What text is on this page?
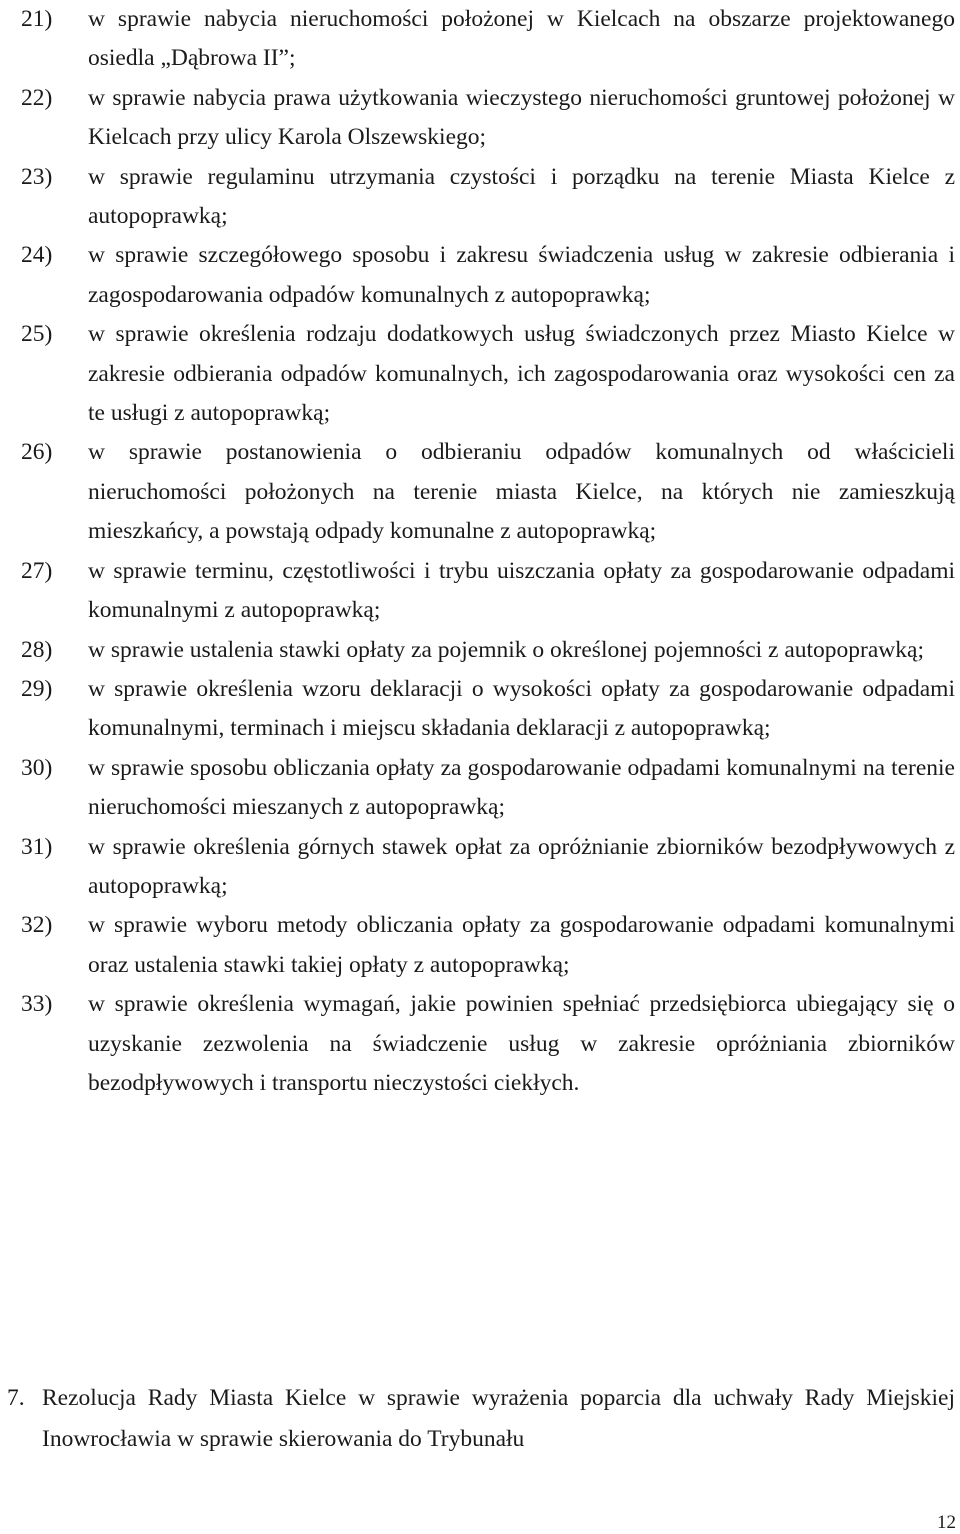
21) w sprawie nabycia nieruchomości położonej w Kielcach na obszarze projektowanego osiedla „Dąbrowa II”;
22) w sprawie nabycia prawa użytkowania wieczystego nieruchomości gruntowej położonej w Kielcach przy ulicy Karola Olszewskiego;
23) w sprawie regulaminu utrzymania czystości i porządku na terenie Miasta Kielce z autopoprawką;
24) w sprawie szczegółowego sposobu i zakresu świadczenia usług w zakresie odbierania i zagospodarowania odpadów komunalnych z autopoprawką;
25) w sprawie określenia rodzaju dodatkowych usług świadczonych przez Miasto Kielce w zakresie odbierania odpadów komunalnych, ich zagospodarowania oraz wysokości cen za te usługi z autopoprawką;
26) w sprawie postanowienia o odbieraniu odpadów komunalnych od właścicieli nieruchomości położonych na terenie miasta Kielce, na których nie zamieszkują mieszkańcy, a powstają odpady komunalne z autopoprawką;
27) w sprawie terminu, częstotliwości i trybu uiszczania opłaty za gospodarowanie odpadami komunalnymi z autopoprawką;
28) w sprawie ustalenia stawki opłaty za pojemnik o określonej pojemności z autopoprawką;
29) w sprawie określenia wzoru deklaracji o wysokości opłaty za gospodarowanie odpadami komunalnymi, terminach i miejscu składania deklaracji z autopoprawką;
30) w sprawie sposobu obliczania opłaty za gospodarowanie odpadami komunalnymi na terenie nieruchomości mieszanych z autopoprawką;
31) w sprawie określenia górnych stawek opłat za opróżnianie zbiorników bezodpływowych z autopoprawką;
32) w sprawie wyboru metody obliczania opłaty za gospodarowanie odpadami komunalnymi oraz ustalenia stawki takiej opłaty z autopoprawką;
33) w sprawie określenia wymagań, jakie powinien spełniać przedsiębiorca ubiegający się o uzyskanie zezwolenia na świadczenie usług w zakresie opróżniania zbiorników bezodpływowych i transportu nieczystości ciekłych.
7. Rezolucja Rady Miasta Kielce w sprawie wyrażenia poparcia dla uchwały Rady Miejskiej Inowrocławia w sprawie skierowania do Trybunału
12
